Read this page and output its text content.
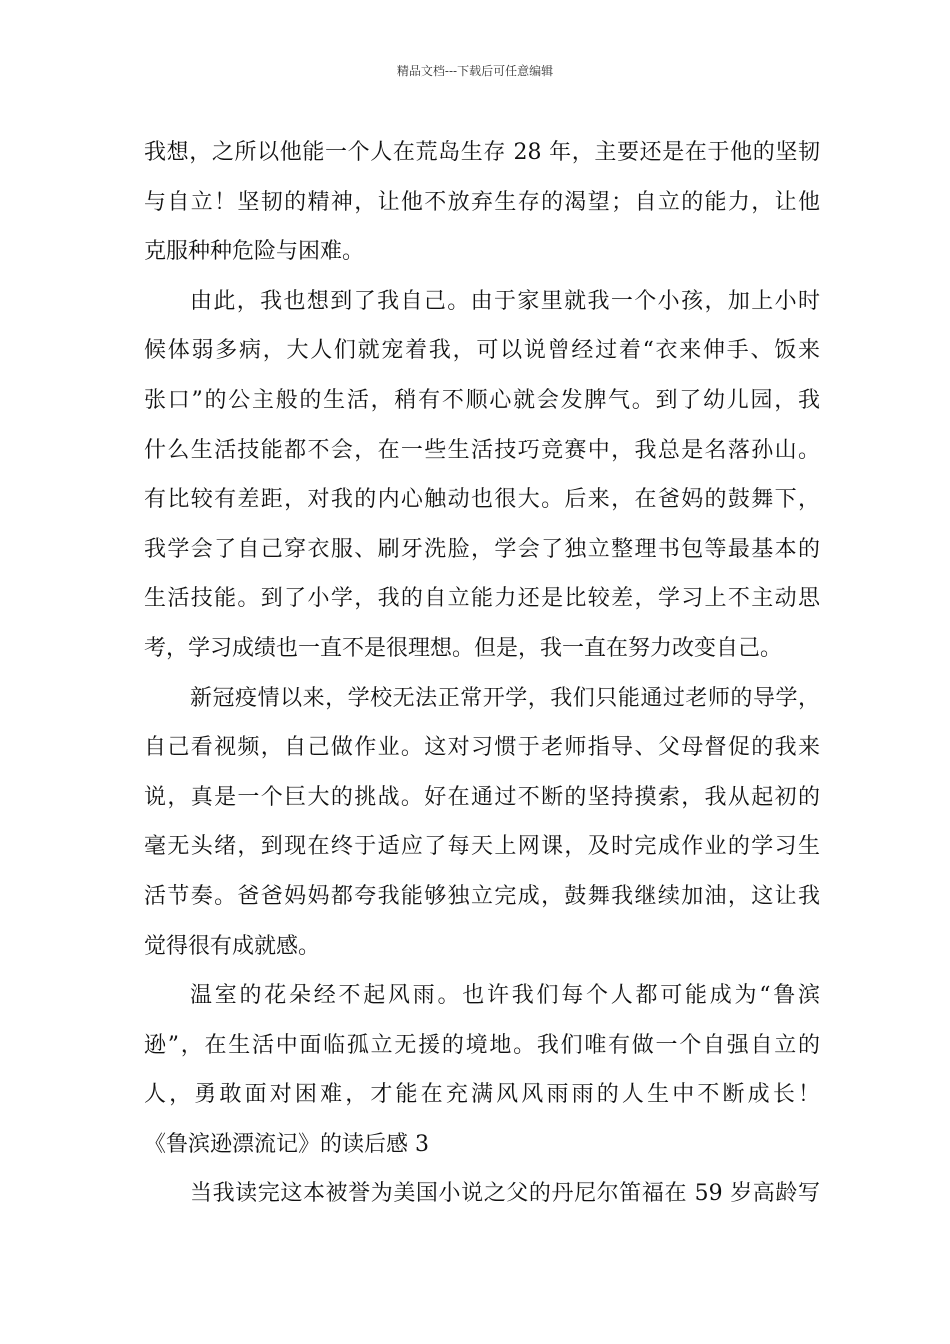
精品文档---下载后可任意编辑
我想，之所以他能一个人在荒岛生存 28 年，主要还是在于他的坚韧
与自立！坚韧的精神，让他不放弃生存的渴望；自立的能力，让他
克服种种危险与困难。
由此，我也想到了我自己。由于家里就我一个小孩，加上小时
候体弱多病，大人们就宠着我，可以说曾经过着“衣来伸手、饭来
张口”的公主般的生活，稍有不顺心就会发脾气。到了幼儿园，我
什么生活技能都不会，在一些生活技巧竞赛中，我总是名落孙山。
有比较有差距，对我的内心触动也很大。后来，在爸妈的鼓舞下，
我学会了自己穿衣服、刷牙洗脸，学会了独立整理书包等最基本的
生活技能。到了小学，我的自立能力还是比较差，学习上不主动思
考，学习成绩也一直不是很理想。但是，我一直在努力改变自己。
新冠疫情以来，学校无法正常开学，我们只能通过老师的导学，
自己看视频，自己做作业。这对习惯于老师指导、父母督促的我来
说，真是一个巨大的挑战。好在通过不断的坚持摸索，我从起初的
毫无头绪，到现在终于适应了每天上网课，及时完成作业的学习生
活节奏。爸爸妈妈都夸我能够独立完成，鼓舞我继续加油，这让我
觉得很有成就感。
温室的花朵经不起风雨。也许我们每个人都可能成为“鲁滨
逊”，在生活中面临孤立无援的境地。我们唯有做一个自强自立的
人，勇敢面对困难，才能在充满风风雨雨的人生中不断成长！
《鲁滨逊漂流记》的读后感 3
当我读完这本被誉为美国小说之父的丹尼尔笛福在 59 岁高龄写
